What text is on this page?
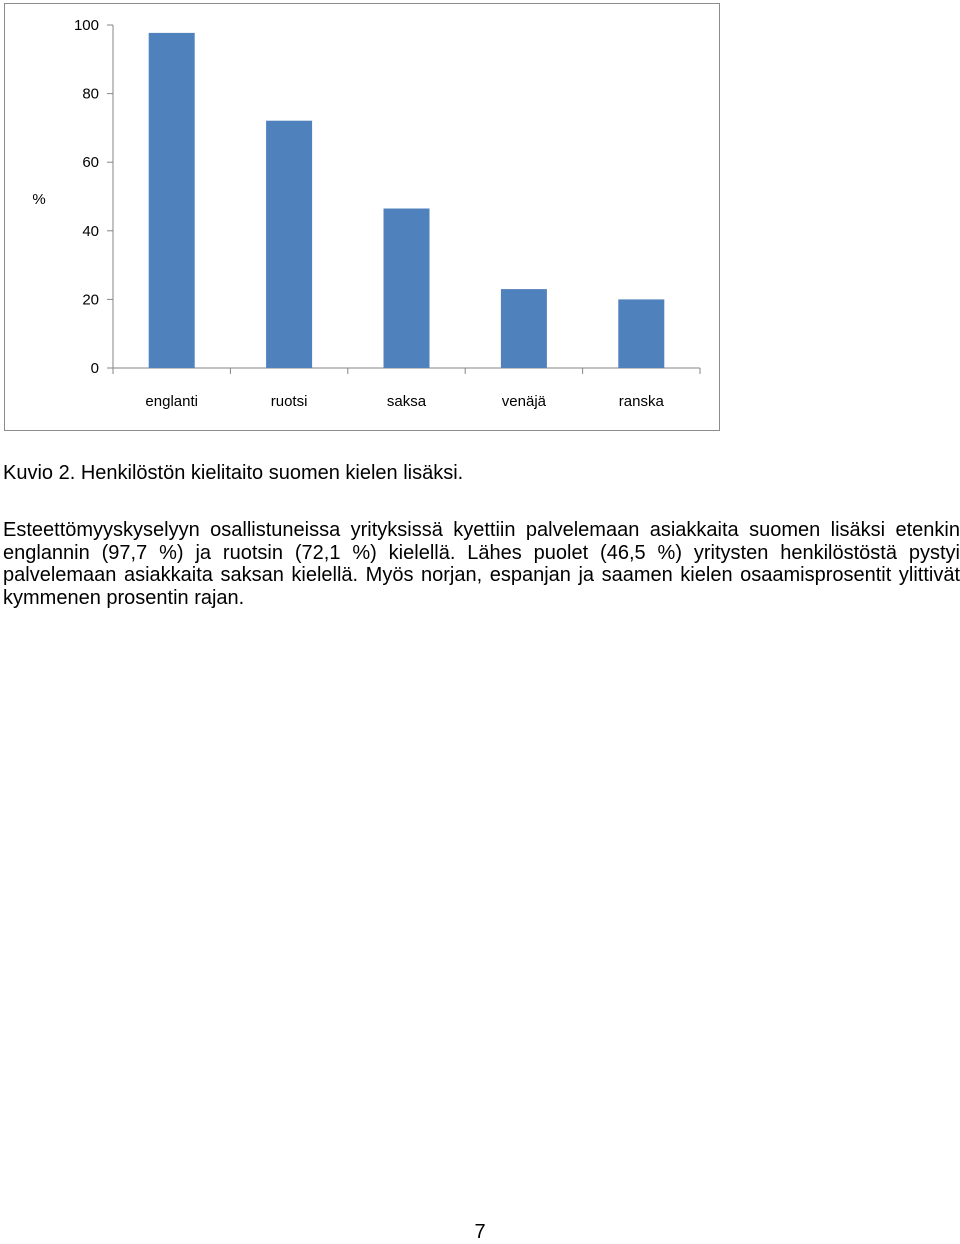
0
20
40
60
80
100
%
englanti	ruotsi	saksa	venäjä	ranska
Kuvio 2. Henkilöstön kielitaito suomen kielen lisäksi.

Esteettömyyskyselyyn osallistuneissa yrityksissä kyettiin palvelemaan asiakkaita suomen lisäksi etenkin englannin (97,7 %) ja ruotsin (72,1 %) kielellä. Lähes puolet (46,5 %) yritysten henkilöstöstä pystyi palvelemaan asiakkaita saksan kielellä. Myös norjan, espanjan ja saamen kielen osaamisprosentit ylittivät kymmenen prosentin rajan.

7
